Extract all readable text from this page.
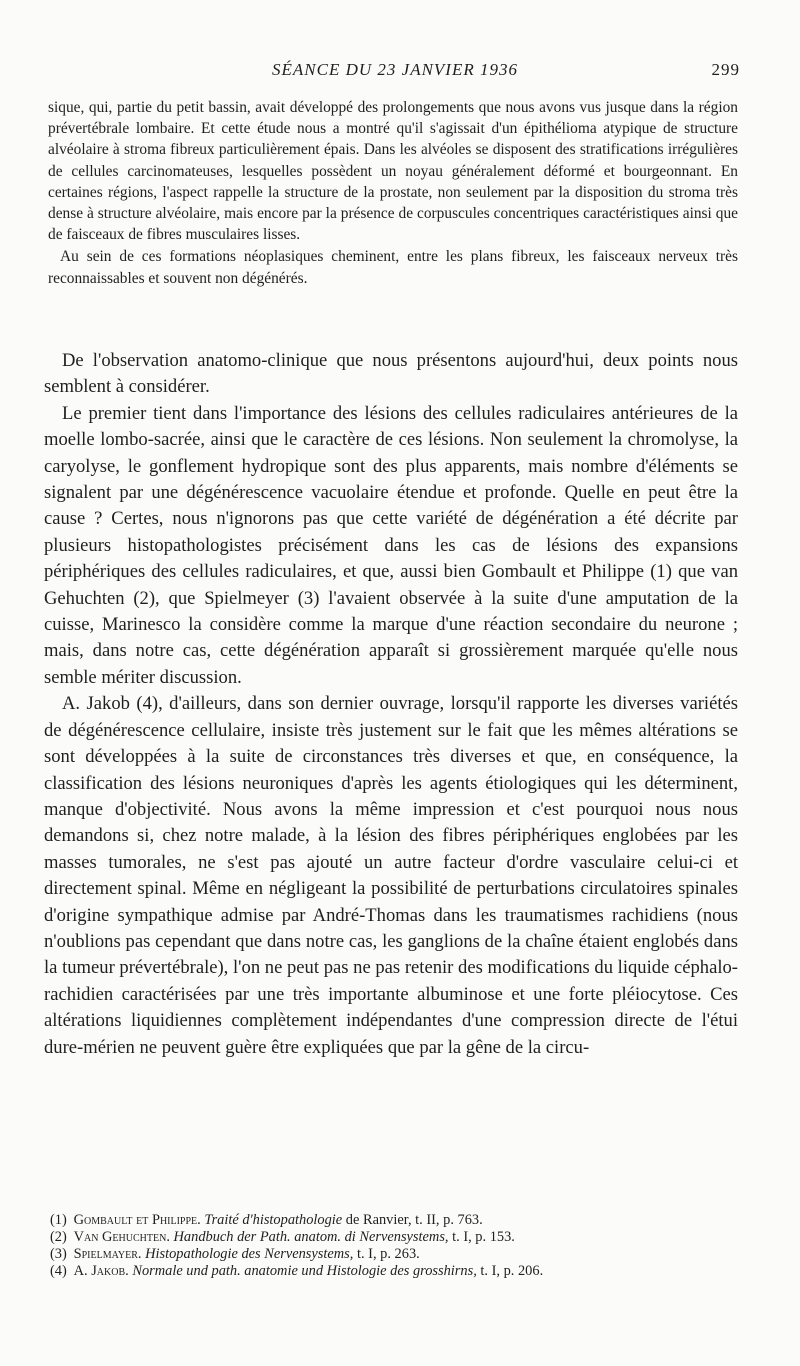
SÉANCE DU 23 JANVIER 1936	299

sique, qui, partie du petit bassin, avait développé des prolongements que nous avons vus jusque dans la région prévertébrale lombaire. Et cette étude nous a montré qu'il s'agissait d'un épithélioma atypique de structure alvéolaire à stroma fibreux particulièrement épais. Dans les alvéoles se disposent des stratifications irrégulières de cellules carcinomateuses, lesquelles possèdent un noyau généralement déformé et bourgeonnant. En certaines régions, l'aspect rappelle la structure de la prostate, non seulement par la disposition du stroma très dense à structure alvéolaire, mais encore par la présence de corpuscules concentriques caractéristiques ainsi que de faisceaux de fibres musculaires lisses.

Au sein de ces formations néoplasiques cheminent, entre les plans fibreux, les faisceaux nerveux très reconnaissables et souvent non dégénérés.

De l'observation anatomo-clinique que nous présentons aujourd'hui, deux points nous semblent à considérer.

Le premier tient dans l'importance des lésions des cellules radiculaires antérieures de la moelle lombo-sacrée, ainsi que le caractère de ces lésions. Non seulement la chromolyse, la caryolyse, le gonflement hydropique sont des plus apparents, mais nombre d'éléments se signalent par une dégénérescence vacuolaire étendue et profonde. Quelle en peut être la cause ? Certes, nous n'ignorons pas que cette variété de dégénération a été décrite par plusieurs histopathologistes précisément dans les cas de lésions des expansions périphériques des cellules radiculaires, et que, aussi bien Gombault et Philippe (1) que van Gehuchten (2), que Spielmeyer (3) l'avaient observée à la suite d'une amputation de la cuisse, Marinesco la considère comme la marque d'une réaction secondaire du neurone ; mais, dans notre cas, cette dégénération apparaît si grossièrement marquée qu'elle nous semble mériter discussion.

A. Jakob (4), d'ailleurs, dans son dernier ouvrage, lorsqu'il rapporte les diverses variétés de dégénérescence cellulaire, insiste très justement sur le fait que les mêmes altérations se sont développées à la suite de circonstances très diverses et que, en conséquence, la classification des lésions neuroniques d'après les agents étiologiques qui les déterminent, manque d'objectivité. Nous avons la même impression et c'est pourquoi nous nous demandons si, chez notre malade, à la lésion des fibres périphériques englobées par les masses tumorales, ne s'est pas ajouté un autre facteur d'ordre vasculaire celui-ci et directement spinal. Même en négligeant la possibilité de perturbations circulatoires spinales d'origine sympathique admise par André-Thomas dans les traumatismes rachidiens (nous n'oublions pas cependant que dans notre cas, les ganglions de la chaîne étaient englobés dans la tumeur prévertébrale), l'on ne peut pas ne pas retenir des modifications du liquide céphalo-rachidien caractérisées par une très importante albuminose et une forte pléiocytose. Ces altérations liquidiennes complètement indépendantes d'une compression directe de l'étui dure-mérien ne peuvent guère être expliquées que par la gêne de la circu-

(1) Gombault et Philippe. Traité d'histopathologie de Ranvier, t. II, p. 763.

(2) Van Gehuchten. Handbuch der Path. anatom. di Nervensystems, t. I, p. 153.

(3) Spielmayer. Histopathologie des Nervensystems, t. I, p. 263.

(4) A. Jakob. Normale und path. anatomie und Histologie des grosshirns, t. I, p. 206.
